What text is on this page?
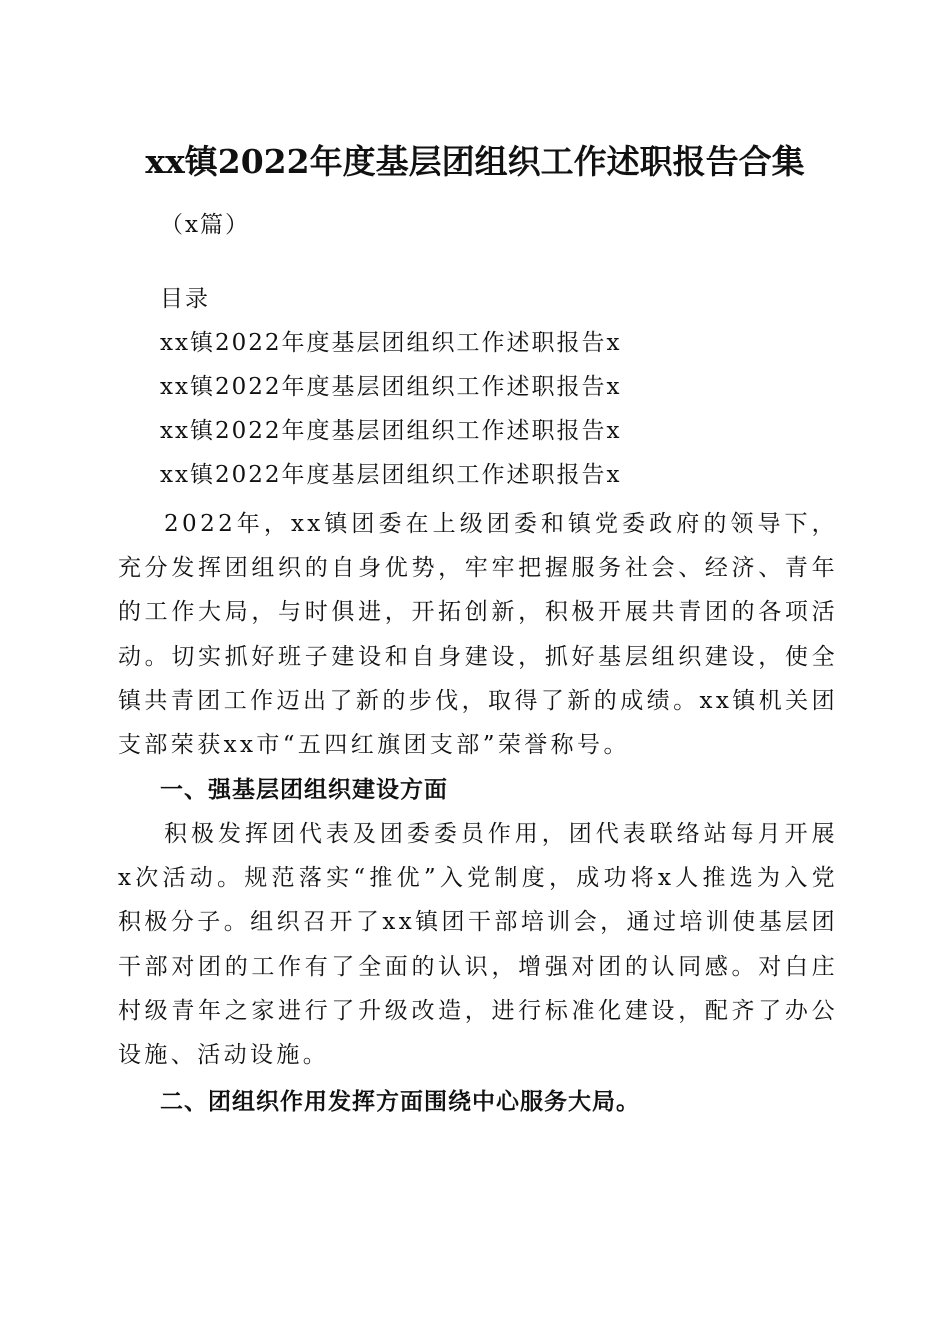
xx镇2022年度基层团组织工作述职报告合集
（x篇）
目录
xx镇2022年度基层团组织工作述职报告x
xx镇2022年度基层团组织工作述职报告x
xx镇2022年度基层团组织工作述职报告x
xx镇2022年度基层团组织工作述职报告x
2022年，xx镇团委在上级团委和镇党委政府的领导下，充分发挥团组织的自身优势，牢牢把握服务社会、经济、青年的工作大局，与时俱进，开拓创新，积极开展共青团的各项活动。切实抓好班子建设和自身建设，抓好基层组织建设，使全镇共青团工作迈出了新的步伐，取得了新的成绩。xx镇机关团支部荣获xx市“五四红旗团支部”荣誉称号。
一、强基层团组织建设方面
积极发挥团代表及团委委员作用，团代表联络站每月开展x次活动。规范落实“推优”入党制度，成功将x人推选为入党积极分子。组织召开了xx镇团干部培训会，通过培训使基层团干部对团的工作有了全面的认识，增强对团的认同感。对白庄村级青年之家进行了升级改造，进行标准化建设，配齐了办公设施、活动设施。
二、团组织作用发挥方面围绕中心服务大局。
